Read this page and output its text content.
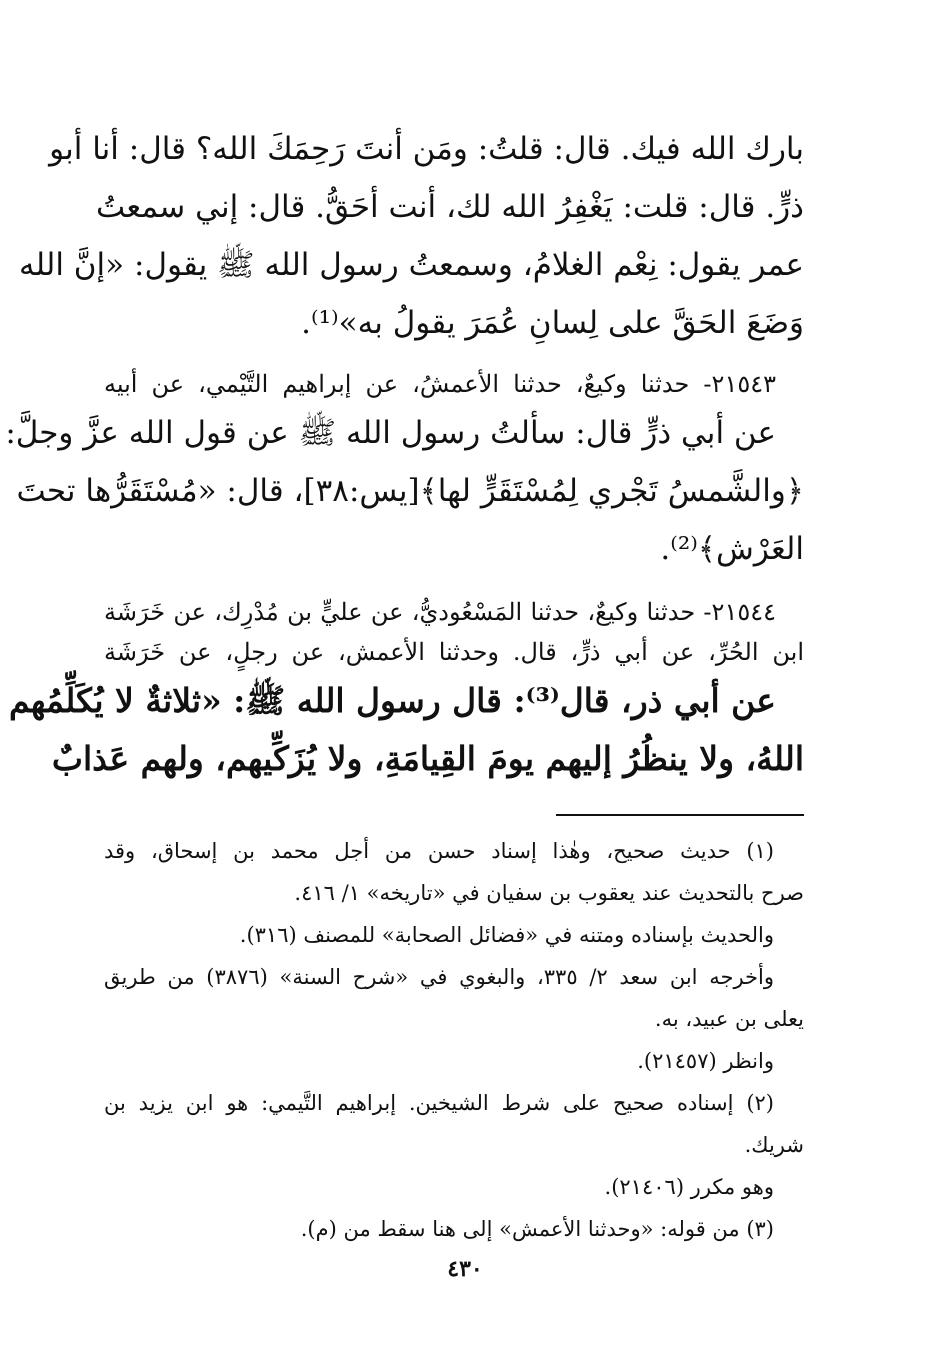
بارك الله فيك. قال: قلتُ: ومَن أنتَ رَحِمَكَ الله؟ قال: أنا أبو
ذرٍّ. قال: قلت: يَغْفِرُ الله لك، أنت أحَقُّ. قال: إني سمعتُ
عمر يقول: نِعْم الغلامُ، وسمعتُ رسول الله ﷺ يقول: «إنَّ الله
وَضَعَ الحَقَّ على لِسانِ عُمَرَ يقولُ به»⁽¹⁾.
٢١٥٤٣- حدثنا وكيعٌ، حدثنا الأعمشُ، عن إبراهيم التَّيْمي، عن أبيه
عن أبي ذرٍّ قال: سألتُ رسول الله ﷺ عن قول الله عزَّ وجلَّ:
﴿والشَّمسُ تَجْري لِمُسْتَقَرٍّ لها﴾[يس:٣٨]، قال: «مُسْتَقَرُّها تحتَ
العَرْش﴾⁽²⁾.
٢١٥٤٤- حدثنا وكيعٌ، حدثنا المَسْعُوديُّ، عن عليٍّ بن مُدْرِك، عن خَرَشَة
ابن الحُرِّ، عن أبي ذرٍّ، قال. وحدثنا الأعمش، عن رجلٍ، عن خَرَشَة
عن أبي ذر، قال⁽³⁾: قال رسول الله ﷺ: «ثلاثةٌ لا يُكَلِّمُهم
اللهُ، ولا ينظُرُ إليهم يومَ القِيامَةِ، ولا يُزَكِّيهم، ولهم عَذابٌ
(١) حديث صحيح، وهٰذا إسناد حسن من أجل محمد بن إسحاق، وقد
صرح بالتحديث عند يعقوب بن سفيان في «تاريخه» ١/ ٤١٦.
والحديث بإسناده ومتنه في «فضائل الصحابة» للمصنف (٣١٦).
وأخرجه ابن سعد ٢/ ٣٣٥، والبغوي في «شرح السنة» (٣٨٧٦) من طريق
يعلى بن عبيد، به.
وانظر (٢١٤٥٧).
(٢) إسناده صحيح على شرط الشيخين. إبراهيم التَّيمي: هو ابن يزيد بن
شريك.
وهو مكرر (٢١٤٠٦).
(٣) من قوله: «وحدثنا الأعمش» إلى هنا سقط من (م).
٤٣٠
